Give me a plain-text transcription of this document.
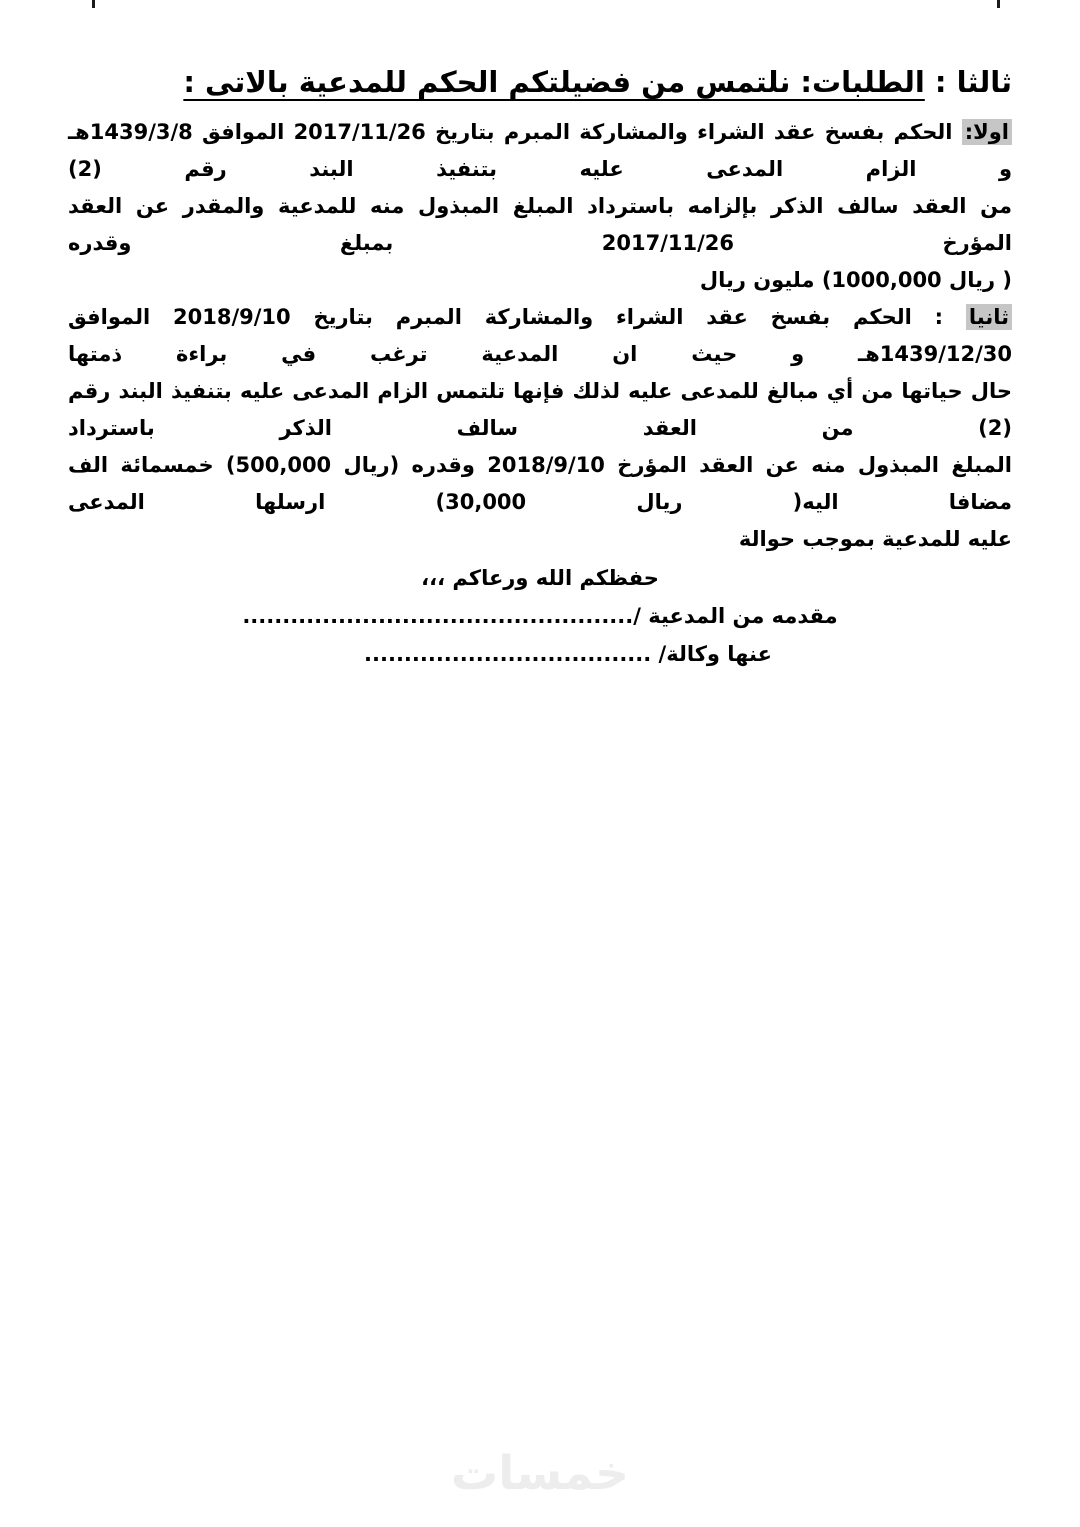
ثالثا : الطلبات: نلتمس من فضيلتكم الحكم للمدعية بالاتى :
اولا: الحكم بفسخ عقد الشراء والمشاركة المبرم بتاريخ 2017/11/26 الموافق 1439/3/8هـ و الزام المدعى عليه بتنفيذ البند رقم (2)
من العقد سالف الذكر بإلزامه باسترداد المبلغ المبذول منه للمدعية والمقدر عن العقد المؤرخ 2017/11/26 بمبلغ وقدره
(1000,000 ريال ) مليون ريال
ثانيا : الحكم بفسخ عقد الشراء والمشاركة المبرم بتاريخ 2018/9/10 الموافق 1439/12/30هـ و حيث ان المدعية ترغب في براءة ذمتها
حال حياتها من أي مبالغ للمدعى عليه لذلك فإنها تلتمس الزام المدعى عليه بتنفيذ البند رقم (2) من العقد سالف الذكر باسترداد
المبلغ المبذول منه عن العقد المؤرخ 2018/9/10 وقدره (500,000 ريال) خمسمائة الف مضافا اليه(30,000 ريال ) ارسلها المدعى
عليه للمدعية بموجب حوالة
حفظكم الله ورعاكم ،،،
مقدمه من المدعية /.................................................
عنها وكالة/ ....................................
خمسات
